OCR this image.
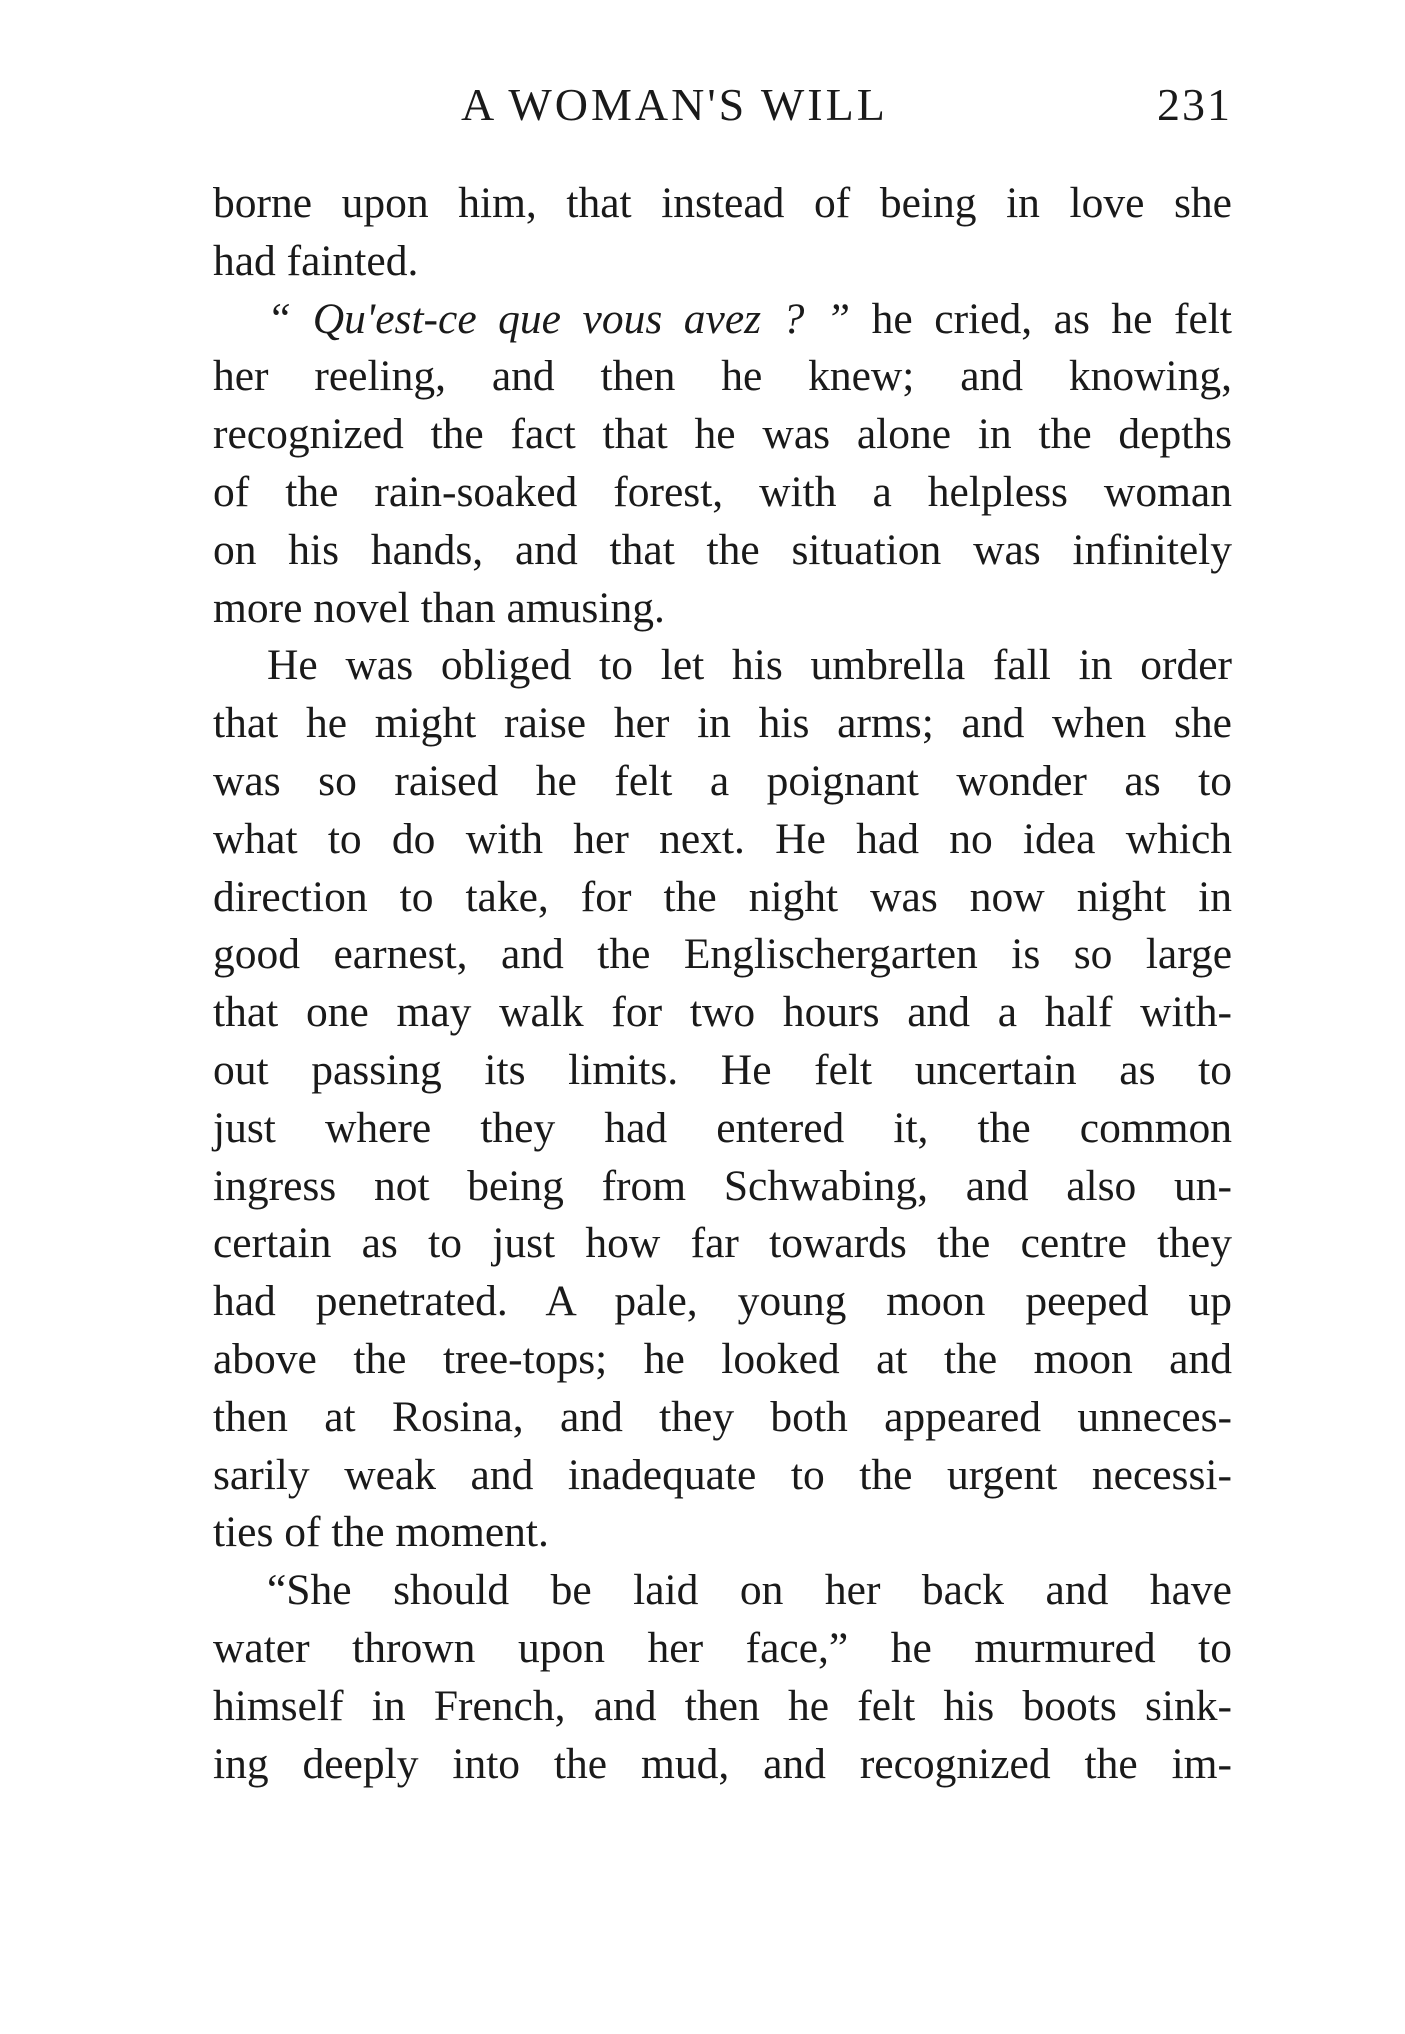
A WOMAN'S WILL	231
borne upon him, that instead of being in love she
had fainted.
“ Qu'est-ce que vous avez ? ” he cried, as he felt
her reeling, and then he knew; and knowing,
recognized the fact that he was alone in the depths
of the rain-soaked forest, with a helpless woman
on his hands, and that the situation was infinitely
more novel than amusing.
He was obliged to let his umbrella fall in order
that he might raise her in his arms; and when she
was so raised he felt a poignant wonder as to
what to do with her next. He had no idea which
direction to take, for the night was now night in
good earnest, and the Englischergarten is so large
that one may walk for two hours and a half with-
out passing its limits. He felt uncertain as to
just where they had entered it, the common
ingress not being from Schwabing, and also un-
certain as to just how far towards the centre they
had penetrated. A pale, young moon peeped up
above the tree-tops; he looked at the moon and
then at Rosina, and they both appeared unneces-
sarily weak and inadequate to the urgent necessi-
ties of the moment.
“She should be laid on her back and have
water thrown upon her face,” he murmured to
himself in French, and then he felt his boots sink-
ing deeply into the mud, and recognized the im-
